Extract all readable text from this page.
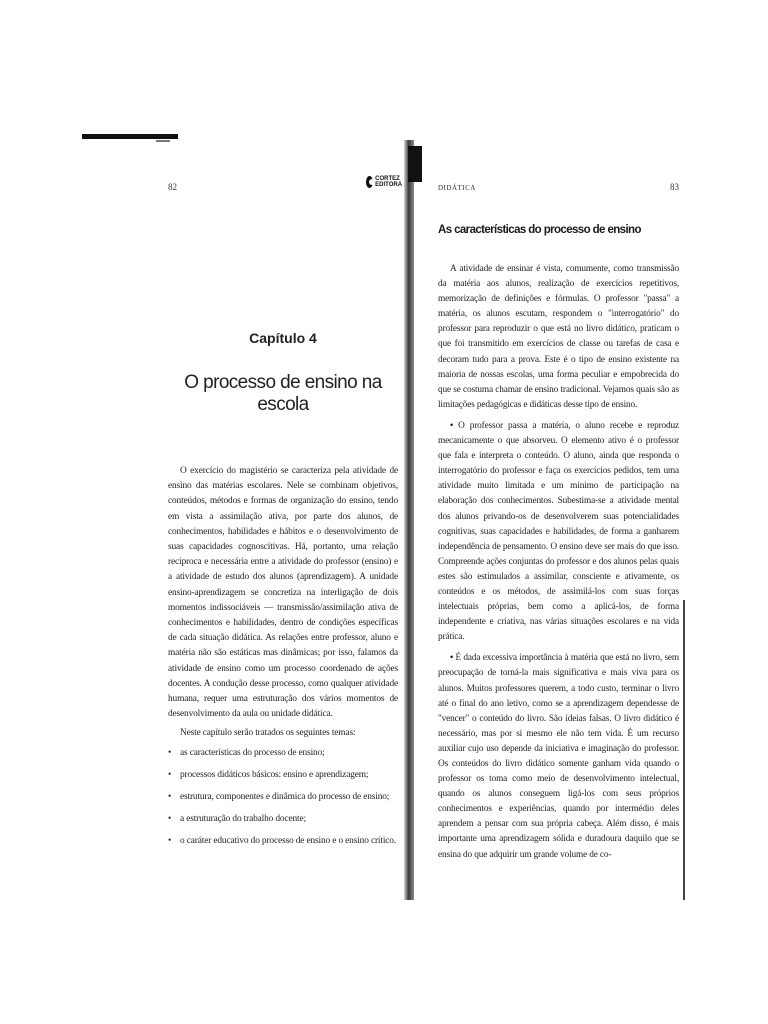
82
CORTEZ EDITORA
Capítulo 4
O processo de ensino na escola

O exercício do magistério se caracteriza pela atividade de ensino das matérias escolares. Nele se combinam objetivos, conteúdos, métodos e formas de organização do ensino, tendo em vista a assimilação ativa, por parte dos alunos, de conhecimentos, habilidades e hábitos e o desenvolvimento de suas capacidades cognoscitivas. Há, portanto, uma relação recíproca e necessária entre a atividade do professor (ensino) e a atividade de estudo dos alunos (aprendizagem). A unidade ensino-aprendizagem se concretiza na interligação de dois momentos indissociáveis — transmissão/assimilação ativa de conhecimentos e habilidades, dentro de condições específicas de cada situação didática. As relações entre professor, aluno e matéria não são estáticas mas dinâmicas; por isso, falamos da atividade de ensino como um processo coordenado de ações docentes. A condução desse processo, como qualquer atividade humana, requer uma estruturação dos vários momentos de desenvolvimento da aula ou unidade didática.

Neste capítulo serão tratados os seguintes temas:

• as características do processo de ensino;
• processos didáticos básicos: ensino e aprendizagem;
• estrutura, componentes e dinâmica do processo de ensino;
• a estruturação do trabalho docente;
• o caráter educativo do processo de ensino e o ensino crítico.
DIDÁTICA	83
As características do processo de ensino

A atividade de ensinar é vista, comumente, como transmissão da matéria aos alunos, realização de exercícios repetitivos, memorização de definições e fórmulas. O professor "passa" a matéria, os alunos escutam, respondem o "interrogatório" do professor para reproduzir o que está no livro didático, praticam o que foi transmitido em exercícios de classe ou tarefas de casa e decoram tudo para a prova. Este é o tipo de ensino existente na maioria de nossas escolas, uma forma peculiar e empobrecida do que se costuma chamar de ensino tradicional. Vejamos quais são as limitações pedagógicas e didáticas desse tipo de ensino.

• O professor passa a matéria, o aluno recebe e reproduz mecanicamente o que absorveu. O elemento ativo é o professor que fala e interpreta o conteúdo. O aluno, ainda que responda o interrogatório do professor e faça os exercícios pedidos, tem uma atividade muito limitada e um mínimo de participação na elaboração dos conhecimentos. Subestima-se a atividade mental dos alunos privando-os de desenvolverem suas potencialidades cognitivas, suas capacidades e habilidades, de forma a ganharem independência de pensamento. O ensino deve ser mais do que isso. Compreende ações conjuntas do professor e dos alunos pelas quais estes são estimulados a assimilar, consciente e ativamente, os conteúdos e os métodos, de assimilá-los com suas forças intelectuais próprias, bem como a aplicá-los, de forma independente e criativa, nas várias situações escolares e na vida prática.

• É dada excessiva importância à matéria que está no livro, sem preocupação de torná-la mais significativa e mais viva para os alunos. Muitos professores querem, a todo custo, terminar o livro até o final do ano letivo, como se a aprendizagem dependesse de "vencer" o conteúdo do livro. São ideias falsas. O livro didático é necessário, mas por si mesmo ele não tem vida. É um recurso auxiliar cujo uso depende da iniciativa e imaginação do professor. Os conteúdos do livro didático somente ganham vida quando o professor os toma como meio de desenvolvimento intelectual, quando os alunos conseguem ligá-los com seus próprios conhecimentos e experiências, quando por intermédio deles aprendem a pensar com sua própria cabeça. Além disso, é mais importante uma aprendizagem sólida e duradoura daquilo que se ensina do que adquirir um grande volume de co-
